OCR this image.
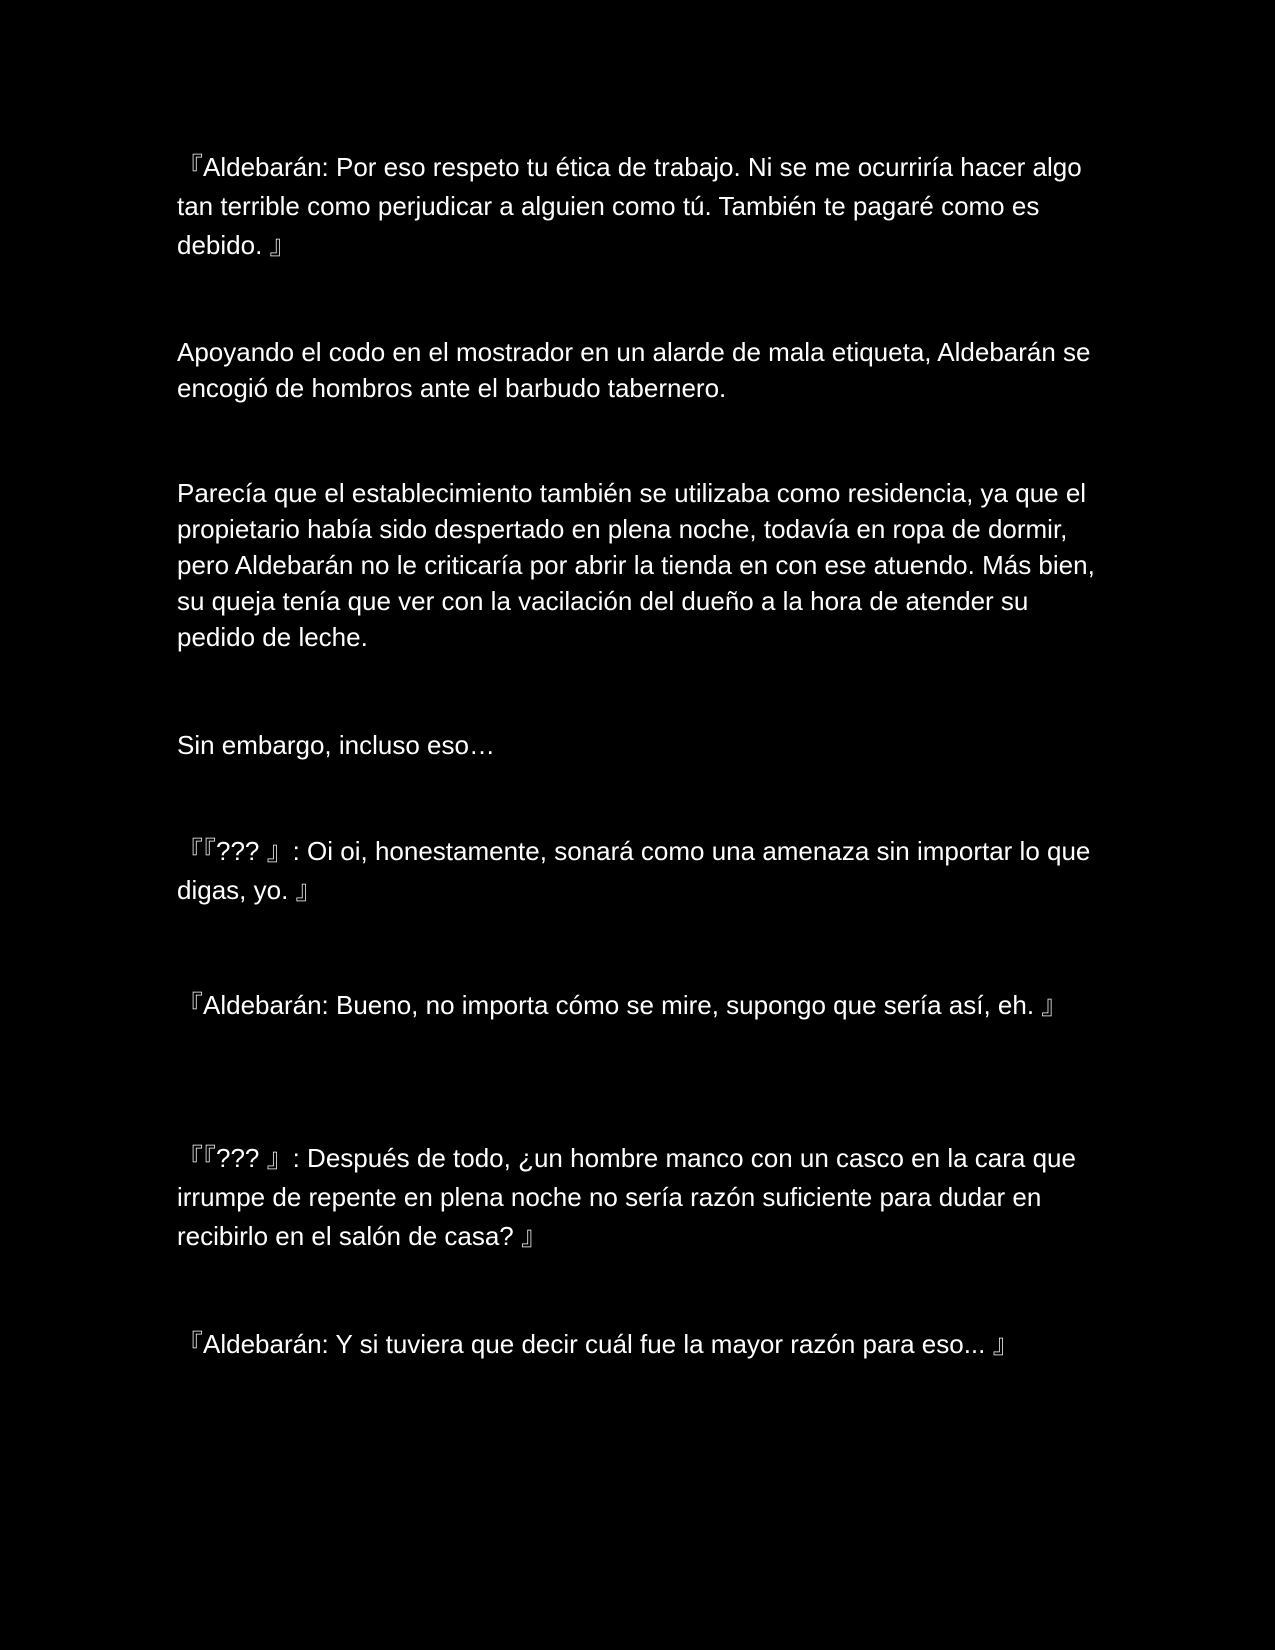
『Aldebarán: Por eso respeto tu ética de trabajo. Ni se me ocurriría hacer algo tan terrible como perjudicar a alguien como tú. También te pagaré como es debido. 』

Apoyando el codo en el mostrador en un alarde de mala etiqueta, Aldebarán se encogió de hombros ante el barbudo tabernero.

Parecía que el establecimiento también se utilizaba como residencia, ya que el propietario había sido despertado en plena noche, todavía en ropa de dormir, pero Aldebarán no le criticaría por abrir la tienda en con ese atuendo. Más bien, su queja tenía que ver con la vacilación del dueño a la hora de atender su pedido de leche.

Sin embargo, incluso eso…

『『??? 』: Oi oi, honestamente, sonará como una amenaza sin importar lo que digas, yo. 』

『Aldebarán: Bueno, no importa cómo se mire, supongo que sería así, eh. 』

『『??? 』: Después de todo, ¿un hombre manco con un casco en la cara que irrumpe de repente en plena noche no sería razón suficiente para dudar en recibirlo en el salón de casa? 』

『Aldebarán: Y si tuviera que decir cuál fue la mayor razón para eso... 』
